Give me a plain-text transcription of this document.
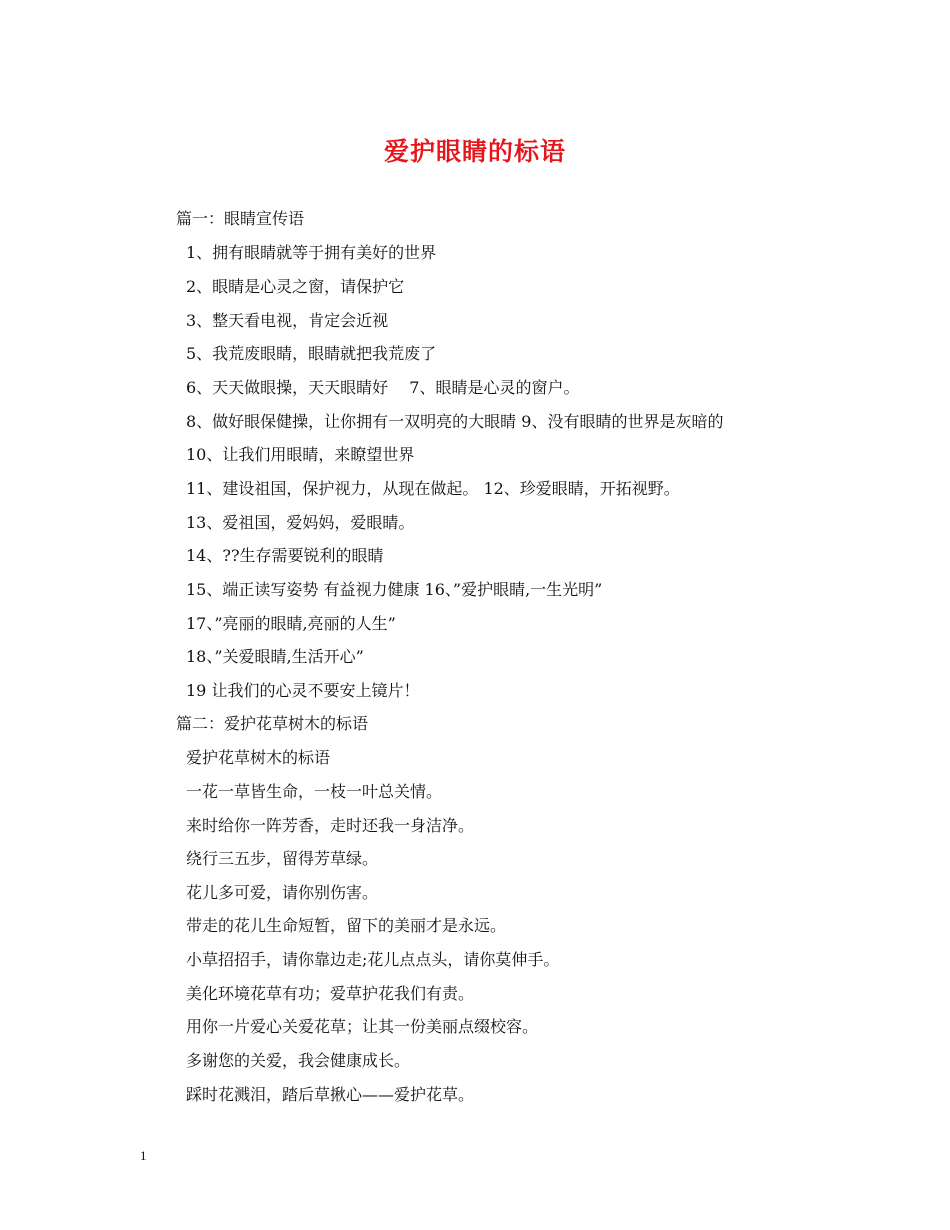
爱护眼睛的标语
篇一：眼睛宣传语
1、拥有眼睛就等于拥有美好的世界
2、眼睛是心灵之窗，请保护它
3、整天看电视，肯定会近视
5、我荒废眼睛，眼睛就把我荒废了
6、天天做眼操，天天眼睛好　 7、眼睛是心灵的窗户。
8、做好眼保健操，让你拥有一双明亮的大眼睛 9、没有眼睛的世界是灰暗的
10、让我们用眼睛，来瞭望世界
11、建设祖国，保护视力，从现在做起。 12、珍爱眼睛，开拓视野。
13、爱祖国，爱妈妈，爱眼睛。
14、??生存需要锐利的眼睛
15、端正读写姿势 有益视力健康 16、”爱护眼睛,一生光明”
17、”亮丽的眼睛,亮丽的人生”
18、”关爱眼睛,生活开心”
19 让我们的心灵不要安上镜片！
篇二：爱护花草树木的标语
爱护花草树木的标语
一花一草皆生命，一枝一叶总关情。
来时给你一阵芳香，走时还我一身洁净。
绕行三五步，留得芳草绿。
花儿多可爱，请你别伤害。
带走的花儿生命短暂，留下的美丽才是永远。
小草招招手，请你靠边走;花儿点点头，请你莫伸手。
美化环境花草有功；爱草护花我们有责。
用你一片爱心关爱花草；让其一份美丽点缀校容。
多谢您的关爱，我会健康成长。
踩时花溅泪，踏后草揪心——爱护花草。
1
